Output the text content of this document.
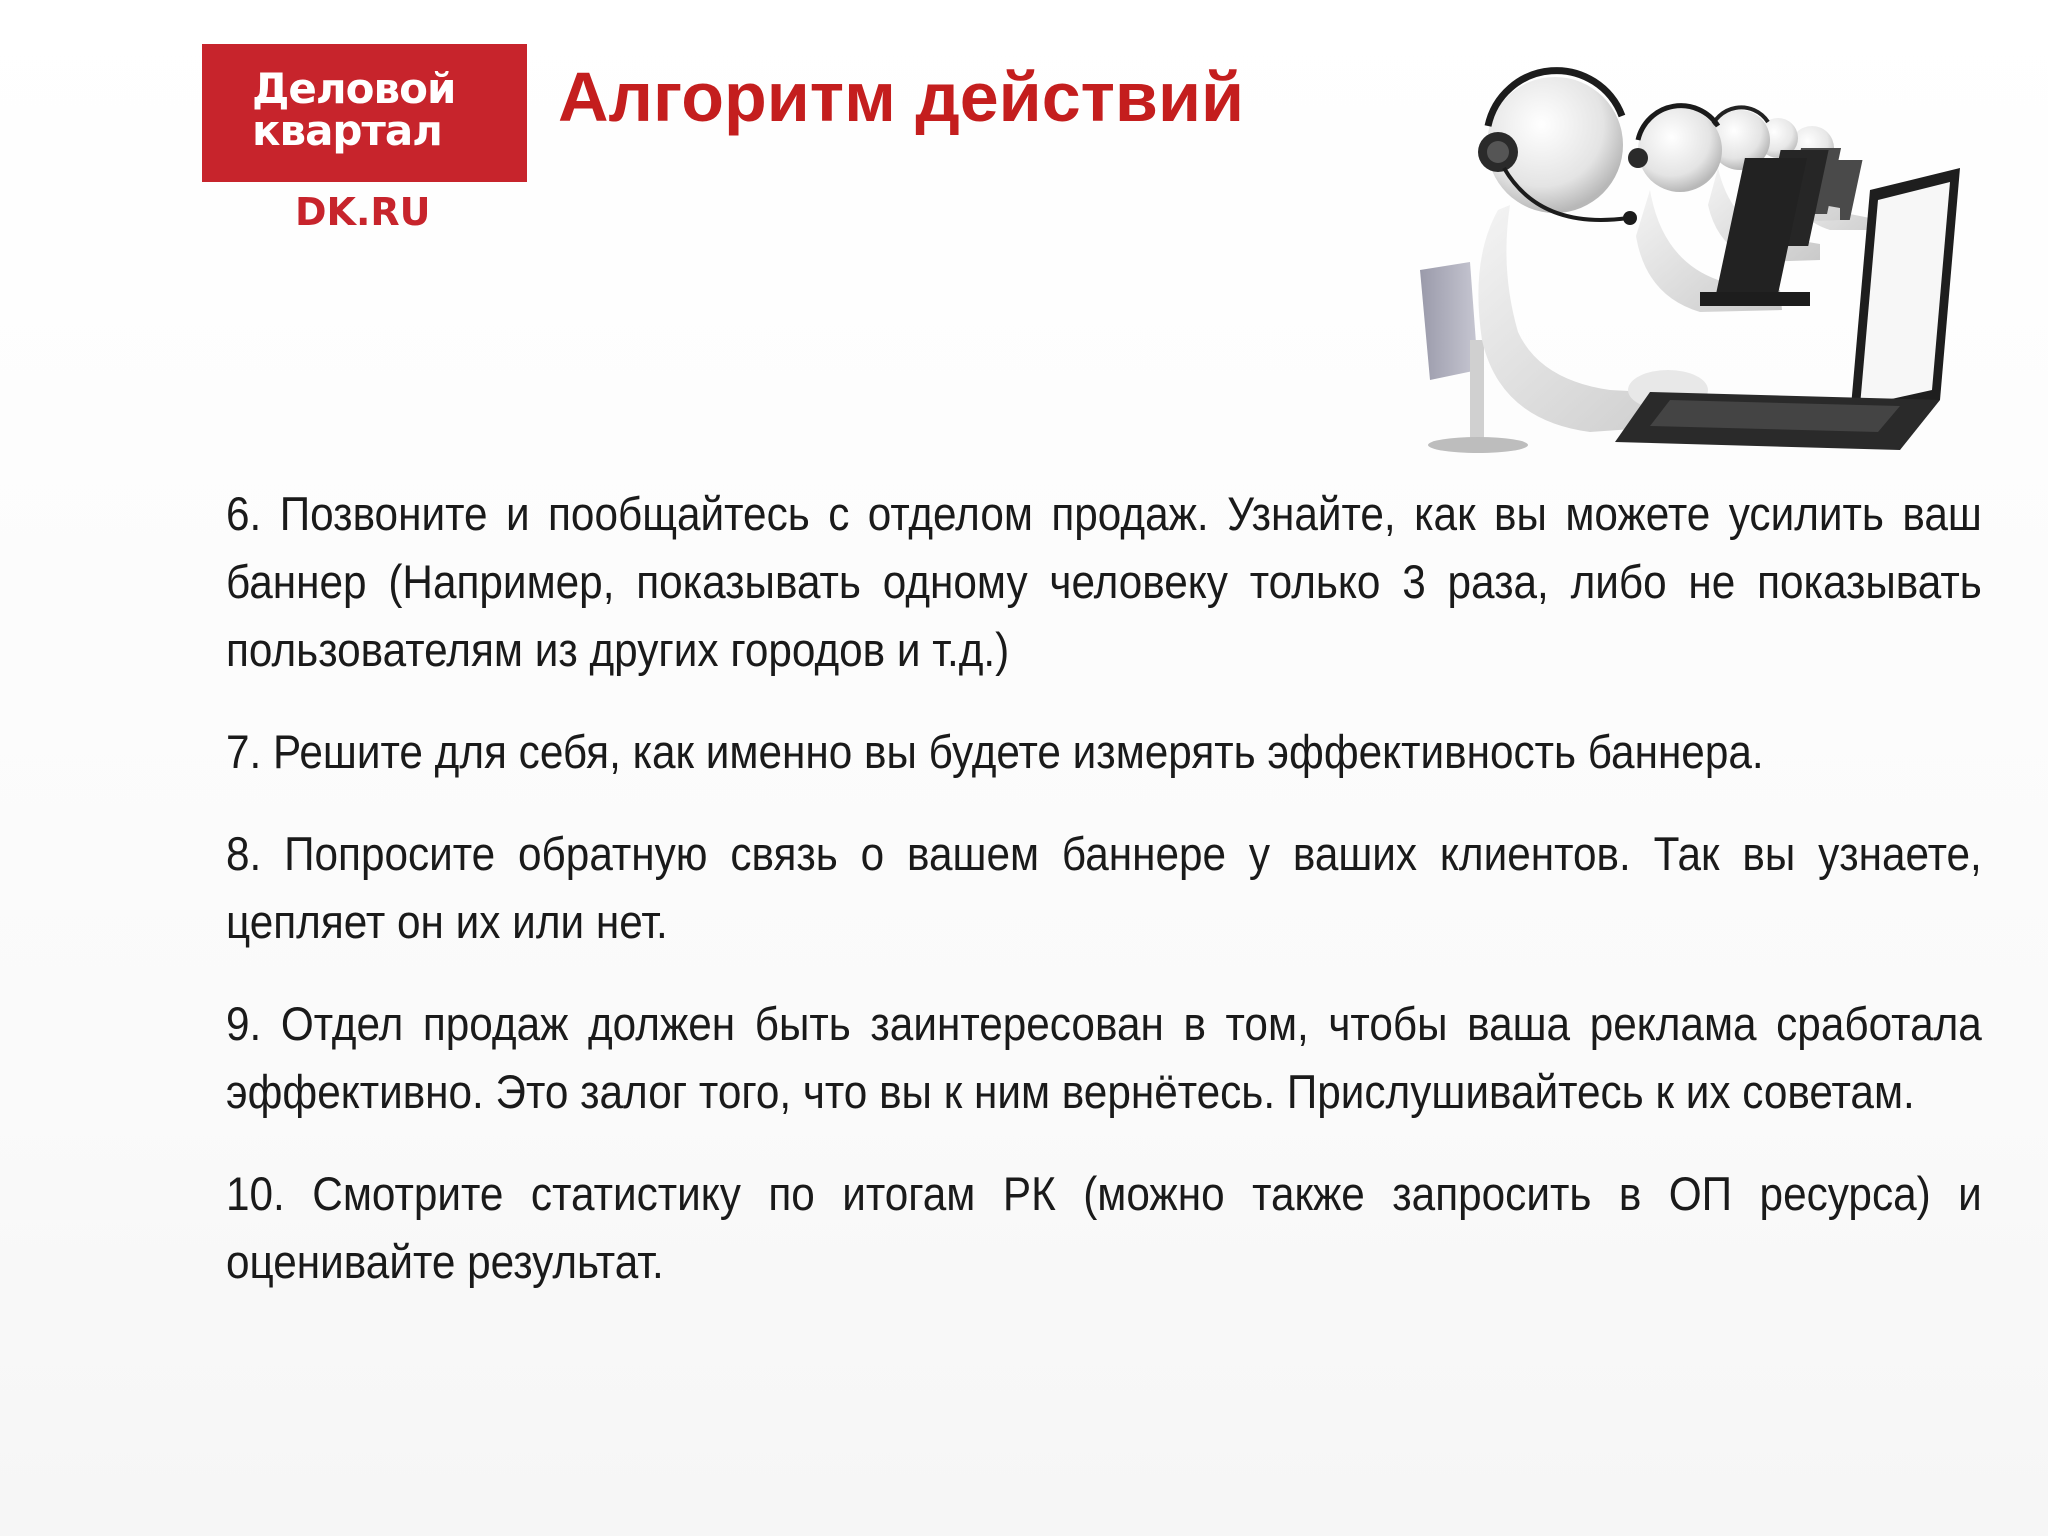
Деловой
квартал
DK.RU
Алгоритм действий

6. Позвоните и пообщайтесь с отделом продаж. Узнайте, как вы можете усилить ваш баннер (Например, показывать одному человеку только 3 раза, либо не показывать пользователям из других городов и т.д.)

7. Решите для себя, как именно вы будете измерять эффективность баннера.

8. Попросите обратную связь о вашем баннере у ваших клиентов. Так вы узнаете, цепляет он их или нет.

9. Отдел продаж должен быть заинтересован в том, чтобы ваша реклама сработала эффективно. Это залог того, что вы к ним вернётесь. Прислушивайтесь к их советам.

10. Смотрите статистику по итогам РК (можно также запросить в ОП ресурса) и оценивайте результат.
